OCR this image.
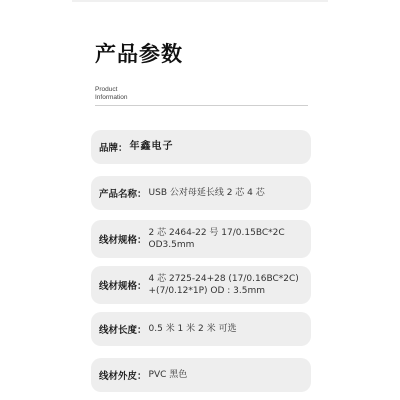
产品参数
Product
Information
品牌： 年鑫电子
产品名称： USB 公对母延长线 2 芯 4 芯
线材规格：
2 芯 2464-22 号 17/0.15BC*2C
OD3.5mm
线材规格：
4 芯 2725-24+28 (17/0.16BC*2C)
+(7/0.12*1P) OD : 3.5mm
线材长度： 0.5 米 1 米 2 米 可选
线材外皮： PVC 黑色
